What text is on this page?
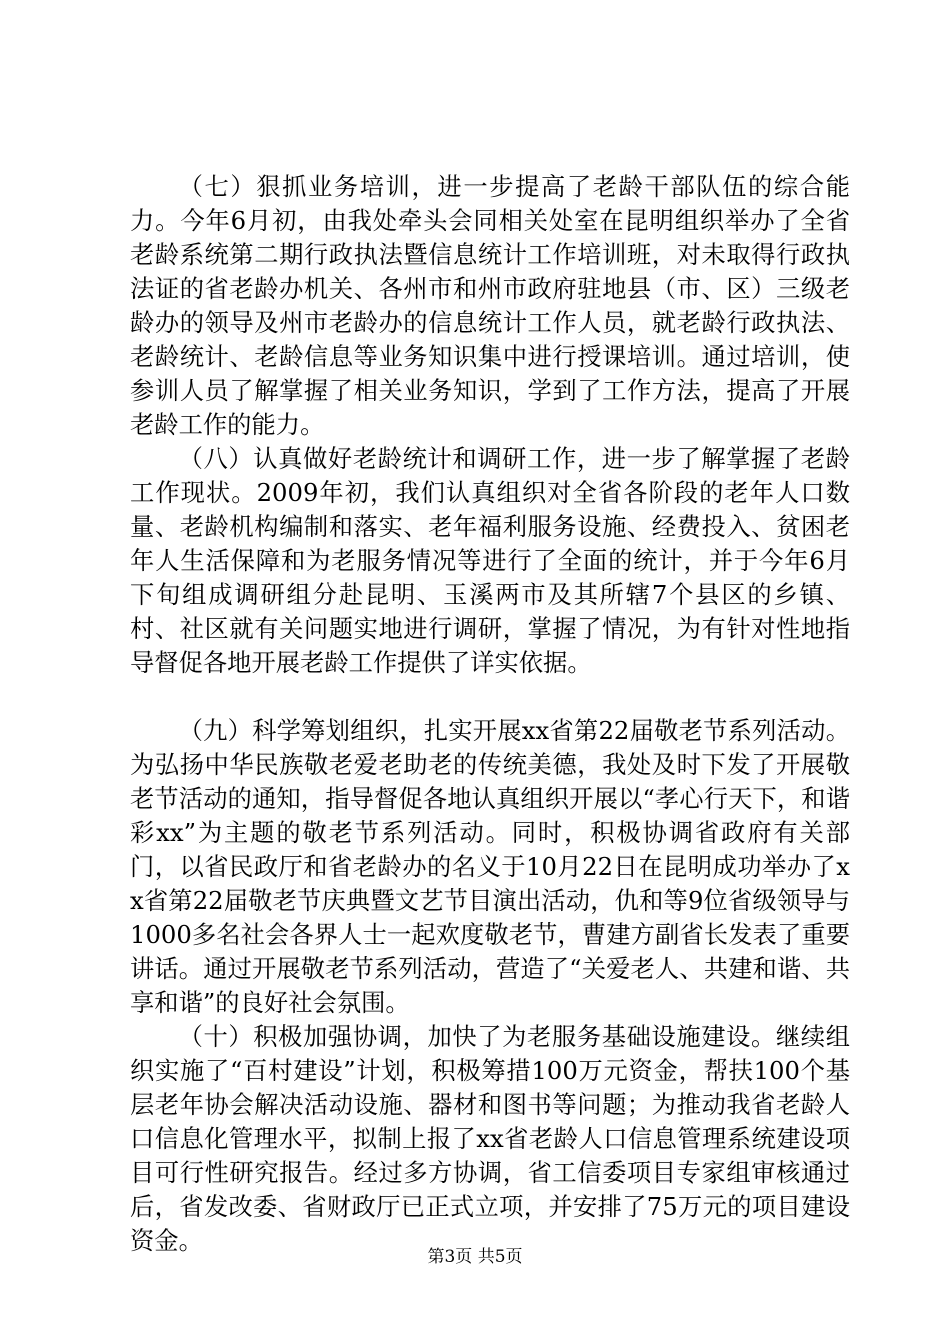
（七）狠抓业务培训，进一步提高了老龄干部队伍的综合能力。今年6月初，由我处牵头会同相关处室在昆明组织举办了全省老龄系统第二期行政执法暨信息统计工作培训班，对未取得行政执法证的省老龄办机关、各州市和州市政府驻地县（市、区）三级老龄办的领导及州市老龄办的信息统计工作人员，就老龄行政执法、老龄统计、老龄信息等业务知识集中进行授课培训。通过培训，使参训人员了解掌握了相关业务知识，学到了工作方法，提高了开展老龄工作的能力。

（八）认真做好老龄统计和调研工作，进一步了解掌握了老龄工作现状。2009年初，我们认真组织对全省各阶段的老年人口数量、老龄机构编制和落实、老年福利服务设施、经费投入、贫困老年人生活保障和为老服务情况等进行了全面的统计，并于今年6月下旬组成调研组分赴昆明、玉溪两市及其所辖7个县区的乡镇、村、社区就有关问题实地进行调研，掌握了情况，为有针对性地指导督促各地开展老龄工作提供了详实依据。

（九）科学筹划组织，扎实开展xx省第22届敬老节系列活动。为弘扬中华民族敬老爱老助老的传统美德，我处及时下发了开展敬老节活动的通知，指导督促各地认真组织开展以“孝心行天下，和谐彩xx”为主题的敬老节系列活动。同时，积极协调省政府有关部门，以省民政厅和省老龄办的名义于10月22日在昆明成功举办了xx省第22届敬老节庆典暨文艺节目演出活动，仇和等9位省级领导与1000多名社会各界人士一起欢度敬老节，曹建方副省长发表了重要讲话。通过开展敬老节系列活动，营造了“关爱老人、共建和谐、共享和谐”的良好社会氛围。

（十）积极加强协调，加快了为老服务基础设施建设。继续组织实施了“百村建设”计划，积极筹措100万元资金，帮扶100个基层老年协会解决活动设施、器材和图书等问题；为推动我省老龄人口信息化管理水平，拟制上报了xx省老龄人口信息管理系统建设项目可行性研究报告。经过多方协调，省工信委项目专家组审核通过后，省发改委、省财政厅已正式立项，并安排了75万元的项目建设资金。

第3页 共5页
